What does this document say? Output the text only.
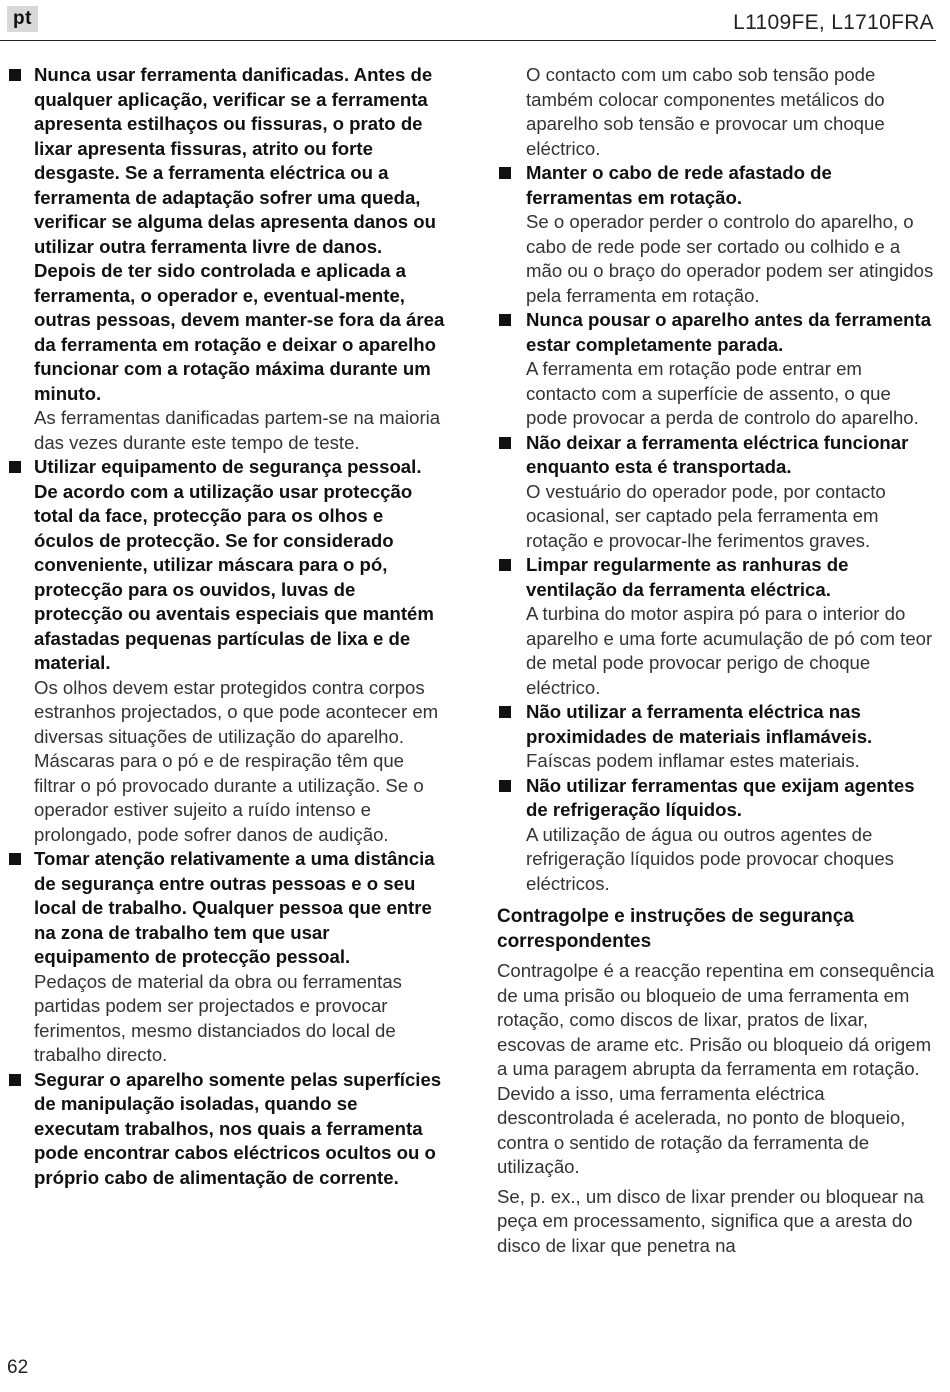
pt	L1109FE, L1710FRA
Nunca usar ferramenta danificadas. Antes de qualquer aplicação, verificar se a ferramenta apresenta estilhaços ou fissuras, o prato de lixar apresenta fissuras, atrito ou forte desgaste. Se a ferramenta eléctrica ou a ferramenta de adaptação sofrer uma queda, verificar se alguma delas apresenta danos ou utilizar outra ferramenta livre de danos. Depois de ter sido controlada e aplicada a ferramenta, o operador e, eventual-mente, outras pessoas, devem manter-se fora da área da ferramenta em rotação e deixar o aparelho funcionar com a rotação máxima durante um minuto.
As ferramentas danificadas partem-se na maioria das vezes durante este tempo de teste.
Utilizar equipamento de segurança pessoal. De acordo com a utilização usar protecção total da face, protecção para os olhos e óculos de protecção. Se for considerado conveniente, utilizar máscara para o pó, protecção para os ouvidos, luvas de protecção ou aventais especiais que mantém afastadas pequenas partículas de lixa e de material.
Os olhos devem estar protegidos contra corpos estranhos projectados, o que pode acontecer em diversas situações de utilização do aparelho. Máscaras para o pó e de respiração têm que filtrar o pó provocado durante a utilização. Se o operador estiver sujeito a ruído intenso e prolongado, pode sofrer danos de audição.
Tomar atenção relativamente a uma distância de segurança entre outras pessoas e o seu local de trabalho. Qualquer pessoa que entre na zona de trabalho tem que usar equipamento de protecção pessoal.
Pedaços de material da obra ou ferramentas partidas podem ser projectados e provocar ferimentos, mesmo distanciados do local de trabalho directo.
Segurar o aparelho somente pelas superfícies de manipulação isoladas, quando se executam trabalhos, nos quais a ferramenta pode encontrar cabos eléctricos ocultos ou o próprio cabo de alimentação de corrente.
O contacto com um cabo sob tensão pode também colocar componentes metálicos do aparelho sob tensão e provocar um choque eléctrico.
Manter o cabo de rede afastado de ferramentas em rotação.
Se o operador perder o controlo do aparelho, o cabo de rede pode ser cortado ou colhido e a mão ou o braço do operador podem ser atingidos pela ferramenta em rotação.
Nunca pousar o aparelho antes da ferramenta estar completamente parada.
A ferramenta em rotação pode entrar em contacto com a superfície de assento, o que pode provocar a perda de controlo do aparelho.
Não deixar a ferramenta eléctrica funcionar enquanto esta é transportada.
O vestuário do operador pode, por contacto ocasional, ser captado pela ferramenta em rotação e provocar-lhe ferimentos graves.
Limpar regularmente as ranhuras de ventilação da ferramenta eléctrica.
A turbina do motor aspira pó para o interior do aparelho e uma forte acumulação de pó com teor de metal pode provocar perigo de choque eléctrico.
Não utilizar a ferramenta eléctrica nas proximidades de materiais inflamáveis.
Faíscas podem inflamar estes materiais.
Não utilizar ferramentas que exijam agentes de refrigeração líquidos.
A utilização de água ou outros agentes de refrigeração líquidos pode provocar choques eléctricos.
Contragolpe e instruções de segurança correspondentes
Contragolpe é a reacção repentina em consequência de uma prisão ou bloqueio de uma ferramenta em rotação, como discos de lixar, pratos de lixar, escovas de arame etc. Prisão ou bloqueio dá origem a uma paragem abrupta da ferramenta em rotação. Devido a isso, uma ferramenta eléctrica descontrolada é acelerada, no ponto de bloqueio, contra o sentido de rotação da ferramenta de utilização.
Se, p. ex., um disco de lixar prender ou bloquear na peça em processamento, significa que a aresta do disco de lixar que penetra na
62
